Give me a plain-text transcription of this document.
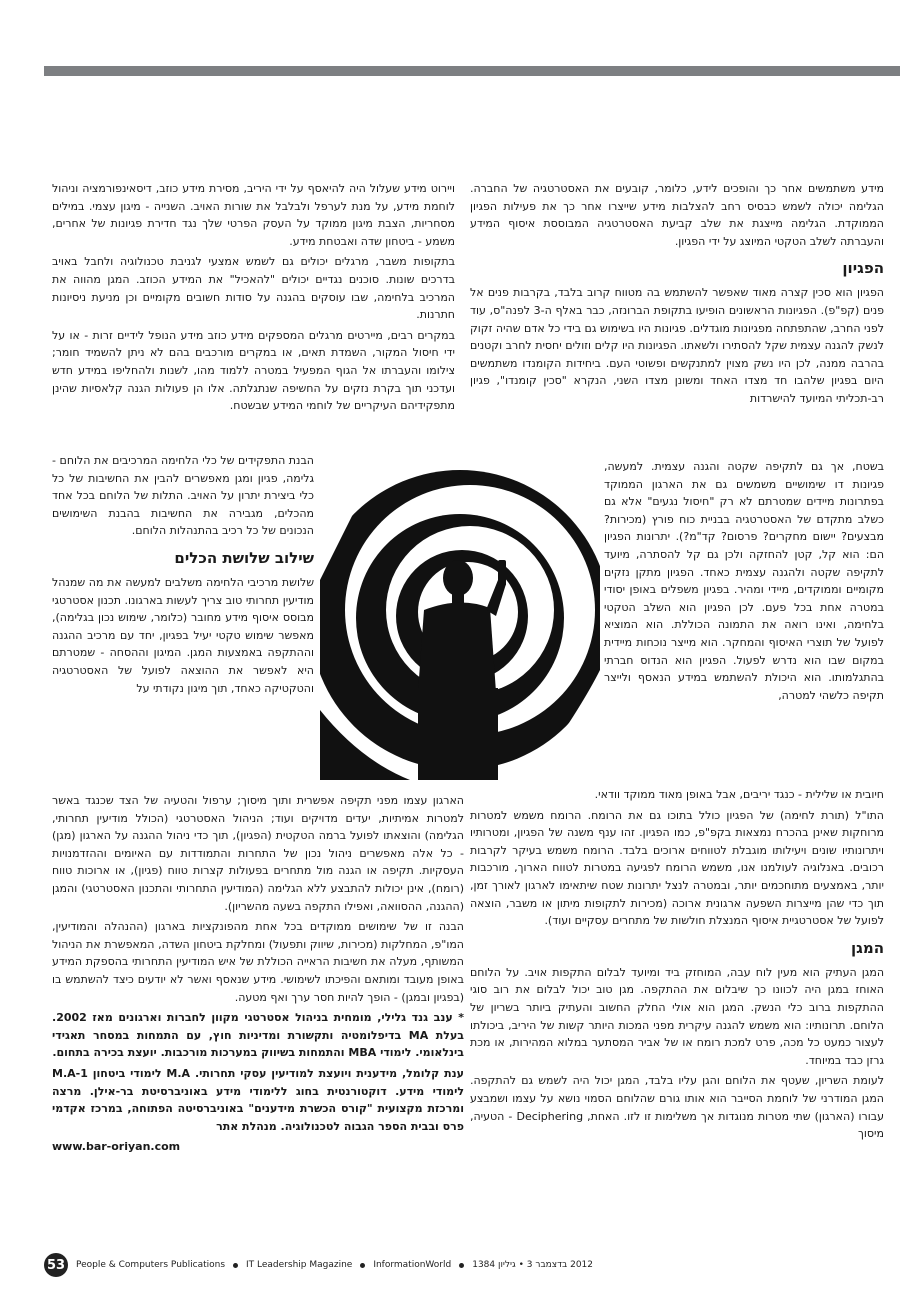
מידע משתמשים אחר כך והופכים לידע, כלומר, קובעים את האסטרטגיה של החברה. הגלימה יכולה לשמש כבסיס רחב להצלבות מידע שייצרו אחר כך את פעילות הפגיון הממוקדת. הגלימה מייצגת את שלב קביעת האסטרטגיה המבוססת איסוף המידע והעברתה לשלב הטקטי המיוצג על ידי הפגיון.

הפגיון

הפגיון הוא סכין קצרה מאוד שאפשר להשתמש בה מטווח קרוב בלבד, בקרבות פנים אל פנים (קפ"פ). הפגיונות הראשונים הופיעו בתקופת הברונזה, כבר באלף ה-3 לפנה"ס, עוד לפני החרב, שהתפתחה מפגיונות מוגדלים. פגיונות היו בשימוש גם בידי כל אדם שהיה זקוק לנשק להגנה עצמית שקל להסתירו ולשאתו. הפגיונות היו קלים וזולים יחסית לחרב וקטנים בהרבה ממנה, לכן היו נשק מצוין למתנקשים ופשוטי העם. ביחידות הקומנדו משתמשים היום בפגיון שלהבו חד מצדו האחד ומשונן מצדו השני, הנקרא "סכין קומנדו", פגיון רב-תכליתי המיועד להישרדות

בשטח, אך גם לתקיפה שקטה והגנה עצמית. למעשה, פגיונות דו שימושיים משמשים גם את הארגון הממוקד בפתרונות מיידים שמטרתם לא רק "חיסול נגעים" אלא גם כשלב מתקדם של האסטרטגיה בבניית כוח פורץ (מכירות? מבצעים? יישום מחקרים? פרסום? קד"מ?). יתרונות הפגיון הם: הוא קל, קטן להחזקה ולכן גם קל להסתרה, מיועד לתקיפה שקטה ולהגנה עצמית כאחד. הפגיון מתקן נזקים מקומיים וממוקדים, מיידי ומהיר. בפגיון משפלים באופן יסודי במטרה אחת בכל פעם. לכן הפגיון הוא השלב הטקטי בלחימה, ואינו רואה את התמונה הכוללת. הוא המוציא לפועל של תוצרי האיסוף והמחקר. הוא מייצר נוכחות מיידית במקום שבו הוא נדרש לפעול. הפגיון הוא הנדוס חברתי בהתגלמותו. הוא היכולת להשתמש במידע הנאסף ולייצר תקיפה כלשהי למטרה,

חיובית או שלילית - כנגד יריבים, אבל באופן מאוד ממוקד וודאי.

התו"ל (תורת לחימה) של הפגיון כולל בתוכו גם את הרומח. הרומח משמש למטרות מרוחקות שאינן בהכרח נמצאות בקפ"פ, כמו הפגיון. זהו ענף משנה של הפגיון, ומטרותיו ויתרונותיו שונים ויעילותו מוגבלת לטווחים ארוכים בלבד. הרומח משמש בעיקר לקרבות רכובים. באנלוגיה לעולמנו אנו, משמש הרומח לפגיעה במטרות לטווח הארוך, מורכבות יותר, באמצעים מתוחכמים יותר, ובמטרה לנצל יתרונות שטח שיתאימו לארגון לאורך זמן, תוך כדי שהן מייצרות השפעה ארגונית ארוכה (מכירות לתקופות מיתון או משבר, הוצאה לפועל של אסטרטגיית איסוף המנצלת חולשות של מתחרים עסקיים ועוד).

המגן

המגן העתיק הוא מעין לוח עבה, המוחזק ביד ומיועד לבלום התקפות אויב. על הלוחם האוחז במגן היה לכוונו כך שיבלום את ההתקפה. מגן טוב יכול לבלום את רוב סוגי ההתקפות ברוב כלי הנשק. המגן הוא אולי החלק החשוב והעתיק ביותר בשריון של הלוחם. תרונותיו: הוא משמש להגנה עיקרית מפני המכות היותר קשות של היריב, ביכולתו לעצור כמעט כל מכה, פרט למכת רומח או של אביר המסתער במלוא המהירות, או מכת גרזן כבד במיוחד.

לעומת השריון, שעטף את הלוחם והגן עליו בלבד, המגן יכול היה לשמש גם להתקפה. המגן המודרני של לוחמת הסייבר הוא אותו גורם שהלוחם הסמוי נושא על עצמו ושמבצע עבורו (הארגון) שתי מטרות מנוגדות אך משלימות זו לזו. האחת, Deciphering - הטעיה, מיסוך

ויירוט מידע שעלול היה להיאסף על ידי היריב, מסירת מידע כוזב, דיסאינפורמציה וניהול לוחמת מידע, על מנת לערפל ולבלבל את שורות האויב. השנייה - מיגון עצמי. במילים מסחריות, הצבת מיגון ממוקד על העסק הפרטי שלך נגד חדירת פגיונות של אחרים, משמע - ביטחון שדה ואבטחת מידע.

בתקופות משבר, מרגלים יכולים גם לשמש אמצעי לגניבת טכנולוגיה ולחבל באויב בדרכים שונות. סוכנים נגדיים יכולים "להאכיל" את המידע הכוזב. המגן מהווה את המרכיב בלחימה, שבו עוסקים בהגנה על סודות חשובים מקומיים וכן מניעת ניסיונות חתרנות.

במקרים רבים, מיירטים מרגלים המספקים מידע כוזב מידע הנופל לידיים זרות - או על ידי חיסול המקור, השמדת תאים, או במקרים מורכבים בהם לא ניתן להשמיד חומר; צילומו והעברתו אל הגוף המפעיל במטרה ללמוד מהו, לשנות ולהחליפו במידע חדש ועדכני תוך בקרת נזקים על החשיפה שנתגלתה. אלו הן פעולות הגנה קלאסיות שהינן מתפקידיהם העיקריים של לוחמי המידע שבשטח.

הבנת התפקידים של כלי הלחימה המרכיבים את הלוחם - גלימה, פגיון ומגן מאפשרים להבין את החשיבות של כל כלי ביצירת יתרון על האויב. התלות של הלוחם בכל אחד מהכלים, מגבירה את החשיבות בהבנת השימושים הנכונים של כל רכיב בהתנהלות הלוחם.

שילוב שלושת הכלים

שלושת מרכיבי הלחימה משלבים למעשה את מה שמנהל מודיעין תחרותי טוב צריך לעשות בארגונו. תכנון אסטרטגי מבוסס איסוף מידע מחובר (כלומר, שימוש נכון בגלימה), מאפשר שימוש טקטי יעיל בפגיון, יחד עם מרכיב ההגנה וההתקפה באמצעות המגן. המיגון וההסחה - שמטרתם היא לאפשר את ההוצאה לפועל של האסטרטגיה והטקטיקה כאחד, תוך מיגון נקודתי על

הארגון עצמו מפני תקיפה אפשרית ותוך מיסוך; ערפול והטעיה של הצד שכנגד באשר למטרות אמיתיות, יעדים מדויקים ועוד; הניהול האסטרטגי (הכולל מודיעין תחרותי, הגלימה) והוצאתו לפועל ברמה הטקטית (הפגיון), תוך כדי ניהול ההגנה על הארגון (מגן) - כל אלה מאפשרים ניהול נכון של התחרות והתמודדות עם האיומים וההזדמנויות העסקיות. תקיפה או הגנה מול מתחרים בפעולות קצרות טווח (פגיון), או ארוכות טווח (רומח), אינן יכולות להתבצע ללא הגלימה (המודיעין התחרותי והתכנון האסטרטגי) והמגן (ההגנה, ההסוואה, ואפילו התקפה בשעה מהשריון).

הבנה זו של שימושים ממוקדים בכל אחת מהפונקציות בארגון (ההנהלה והמודיעין, המו"פ, המחלקות (מכירות, שיווק ותפעול) ומחלקת ביטחון השדה, המאפשרת את הניהול המשותף, מעלה את חשיבות הראייה הכוללת של איש המודיעין התחרותי בהספקת המידע באופן מעובד ומותאם והפיכתו לשימושי. מידע שנאסף ואשר לא יודעים כיצד להשתמש בו (בפגיון ובמגן) - הופך להיות חסר ערך ואף מטעה.

* ענב גנד גלילי, מומחית בניהול אסטרטגי מקוון לחברות וארגונים מאז 2002. בעלת MA בדיפלומטיה ותקשורת ומדיניות חוץ, עם התמחות במסחר תאגידי בינלאומי. לימודי MBA והתמחות בשיווק במערכות מורכבות. יועצת בכירה בתחום.

ענת קלומל, מידענית ויועצת למודיעין עסקי תחרותי. M.A לימודי ביטחון M.A-1 לימודי מידע. דוקטורנטית בחוג ללימודי מידע באוניברסיטת בר-אילן. מרצה ומרכזת מקצועית "קורס הכשרת מידענים" באוניברסיטה הפתוחה, במרכז אקדמי פרס ובבית הספר הגבוה לטכנולוגיה. מנהלת אתר

www.bar-oriyan.com

53	People & Computers Publications IT Leadership Magazine InformationWorld 2012 בדצמבר 3 • גיליון 1384
